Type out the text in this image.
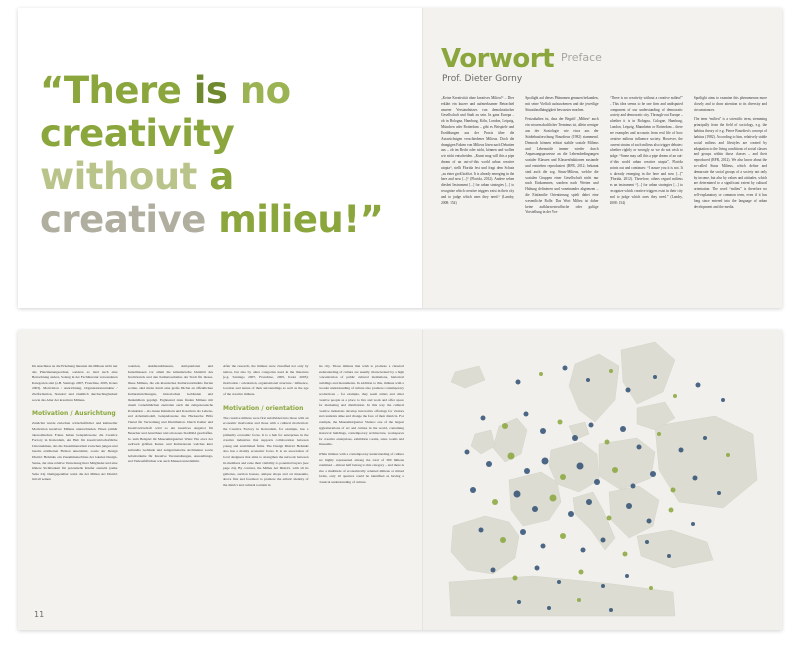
“There is no
creativity
without a
creative milieu!”
Vorwort Preface
Prof. Dieter Gorny

„Keine Kreativität ohne kreatives Milieu!“ – Dies erklärt ein kurzer und aufmerksamer Betrachtel unserer Verstandnisses von demokratischer Gesellschaft und Stadt zu sein. In ganz Europa – ob in Bologna, Hamburg, Köln, London, Leipzig, München oder Rotterdam – gibt es Beispiele und Erzählungen aus der Praxis über die Auswüchsigen verschiedener Milieus. Doch die drangigen Fakten von Milieus lösen nach Debatten aus – ob im Recht oder nicht, können und wollen wir nicht entscheiden. „Kunst mag will this a pipe dream of an out-of-this world urban creative utopia“, stellt Florida fest und fragt dem Schutz „zu einer groß kräftzt. It is already emerging in the here and now [...]“ (Florida, 2012). Andere sehen diesbei Instrument [...] for urban strategies [...] to recognize which creative triggers exist in their city and to judge which ones they need.“ (Landry, 2008: 154)

Spotlight auf dieses Phänomen genauen bekunden, mit seine Vielfalt aufzuwärmen und die jeweilige Situatiónalhängigkeit bewusster machen.

Festzuhalten ist, dass der Begriff „Milieu“ auch ein wissenschaftlicher Terminus ist, allein weniger aus der Soziologie wie etwa aus der Städtebauforschung Bourdieus (1982) stammend. Dennoch können erhitzt stabile soziale Milieus und Lebensstile immer wieder durch Anpassungsprozesse an die Lebensbedingungen sozialer Klassen und Klassenfraktionen zustande und entstehen reproduziert (RFR, 2012; bekannt sind auch die sog. Sinus-Milieus, welche die sozialen Gruppen einer Gesellschaft nicht nur nach Einkommen, sondern nach Werten und Haltung definieren und voneinander abgrenzen – die Einfamilie Orientierung spielt dabei eine wesentliche Rolle. Das Wort Milieu ist daher keine aufklarwesteuflische oder gultige Vorstellung in der Vor-

“There is no creativity without a creative milieu!” – This idea seems to be one firm and undisputed component of our understanding of democratic society and democratic city. Through-out Europe – whether it is in Bologna, Cologne, Hamburg, London, Leipzig, Mannheim or Rotterdam – there are examples and accounts from real life of how creative milieus influence society. However, the current strains of such milieus also trigger debates: whether rightly or wrongly so we do not wish to judge. “Some may call this a pipe dream of an out-of-this world urban creative utopia”, Florida points out and continues: “I assure you it is not. It is already emerging in the here and now [...]” (Florida, 2012). Therefore, others regard milieus as an instrument “[...] for urban strategies [...] to recognize which creative triggers exist in their city and to judge which ones they need.” (Landry, 2008: 154)

Spotlight aims to examine this phenomenon more closely and to draw attention to its diversity and circumstances.

The term “milieu” is a scientific term, stemming principally from the field of sociology, e.g. the habitus theory of e.g. Pierre Bourdieu's concept of habitus (1982). According to him, relatively stable social milieus and lifestyles are created by adaptation to the living conditions of social classes and groups within those classes – and their reproduced (RFR, 2012). We also know about the so-called Sinus Milieus, which define and demarcate the social groups of a society not only by income, but also by values and attitudes, which are determined to a significant extent by cultural orientation. The word “milieu” is therefore no self-explanatory or common term, even if it has long since entered into the language of urban development and the media.

Im Anschluss an die Erhebung mussten die Milieus nicht nur das Platzmanangeordnet, sondern es land auch eine Betrachtung anders, Solang in der Fachliteratur verwendeten Kategorien statt (z.B. Santiago 2007, Franchise, 2005, Krans 2003). Motivation / Ausrichtung, Organisationsstruktur / Zielformation, Standort und räumlich durchschlagbarkeit sowie das Alter der kreativen Milieus.

Motivation / Ausrichtung

Zunächst wurde zwischen wirtschaftlicher und kultureller Motivation kreativer Milieus unterschieden. Einen primär ökonomischen Fokus haben beispielsweise die Creative Factory in Rotterdam, ein Hub für kreativwirtschaftliche Unternehmen, das die Zusammenarbeit zwischen jungen und bereits etablierten Firmen unterstützt, sowie der Design District Helsinki, ein Zusammenschluss der lokalen Design-Szene, der eine relative Vernetzung ihrer Mitglieder und eine höhere Sichtbarkeit für potenzielle Käufer anstrebt (siehe Seite 24). Demgegenüber weist die der Milieu Art District mit all seinen

Galerien, Aukhionshhausen, Antiquariaten und Kunstmuseen vor allem die künstlerische Identität des Stadtviertels und den Kulturtourismus der Stadt für dieses. Diese Milieus, die ein klassisches Kulturverständnis flerlen wollen, sind meist durch eine große Dichte an öffentlichen Kultureinrichtungen, historischen Gebäuden und Denkmälern geprägt. Ergänzend dazu finden Milieus mit einem vornehmlichen zentralen auch die zeitgenossische Produktion – als danau Künstlern und Kreativen als Lebens- und Arbeitsmodell, beispielsweise das Hackesche Höfe Viertel für Verwaltung und Distribution. Durch Kultur und Kreativwirtschaft wird so ein kreatives Angebot für Besucher und Anwöhner und ein neues Stadtbild geschaffen. So zum Beispiel im MuseumsQuartier Wien: Ein etwa der weltweit größten Kunst- und Kulturareale welches kurz kulturelle Gebäude und zeitgenössische Architektur sowie Arbeitsräume für Kreative Veranstaltungen, Ausstellungs- und Verkaufsflächen wie auch Museen unternimmt.

After the research, the milieus were classified not only by nation, but also by other categories used in the literature (e.g. Santiago 2007, Franchise, 2005, Kratz 2003): motivation / orientation, organisational structure / influence, location and nature of their surroundings as well as the age of the creative milieus.

Motivation / orientation

The creative milieus were first subdivided into those with an economic motivation and those with a cultural motivation: the Creative Factory in Rotterdam, for example, has a primarily economic focus. It is a hub for enterprises in the creative industries that supports collaboration between young and established firms. The Design District Helsinki also has a mainly economic focus. It is an association of local designers that aims to strengthen the network between its members and raise their visibility to potential buyers (see page 24). By contrast, the Milieu Art District, with all its galleries, auction houses, antique shops and art museums, above first and foremost to promote the artistic identity of the district and cultural tourism in

the city. Those milieus that wish to promote a classical understanding of culture are usually characterised by a high concentration of public cultural institutions, historical buildings and monuments. In addition to this, milieus with a broader understanding of culture also promote contemporary productions – for example, they seem artists and other creative people as a place to live and work and offer space for marketing and distribution. In this way the cultural creative industries develop innovative offerings for visitors and residents alike and change the face of their districts. For example, the MuseumsQuarter Vienna: one of the largest agglomerations of art and culture in the world, containing historical buildings, contemporary architecture, workspaces for creative enterprises, exhibition rooms, sales rooms and museums.

While milieus with a contemporary understanding of culture are highly represented among the total of 300 milieus examined – almost half belong to this category – and there is also a multitude of economically oriented milieus or mixed forms, only 10 quarters could be identified as having a classical understanding of culture.

11
